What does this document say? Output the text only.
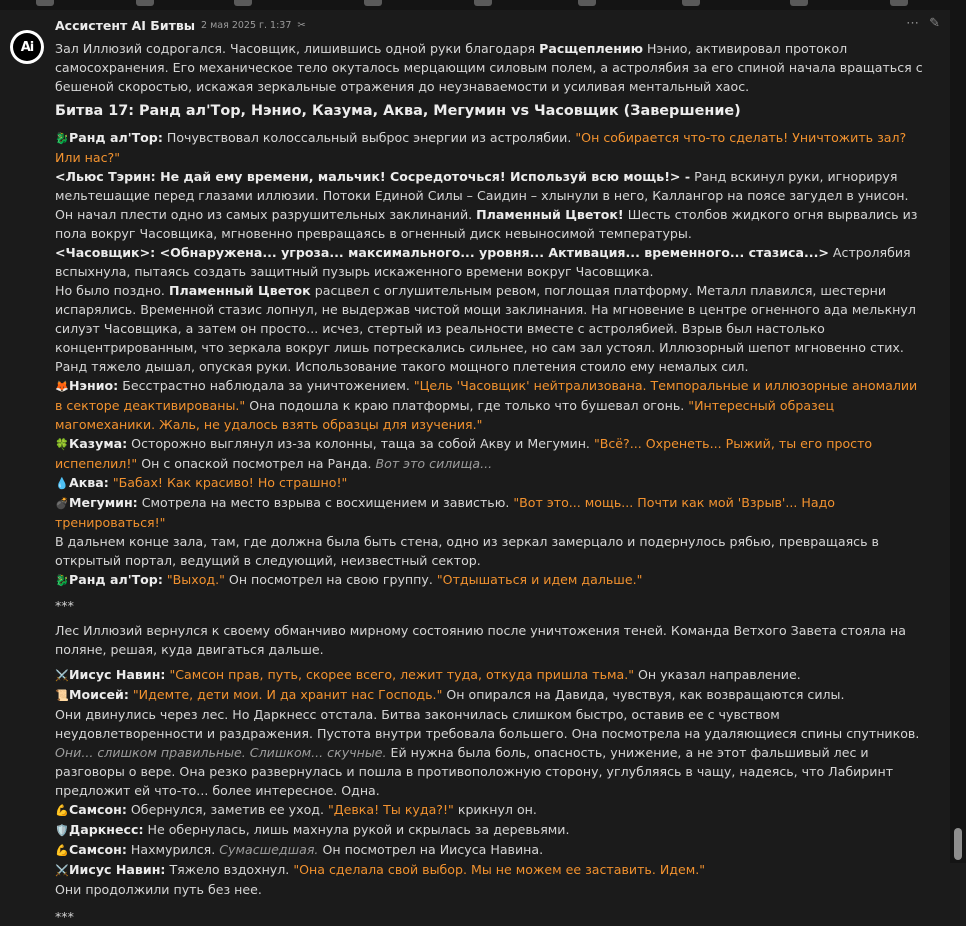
Ai
Ассистент AI Битвы 2 мая 2025 г. 1:37 ✂	⋯ ✎

Зал Иллюзий содрогался. Часовщик, лишившись одной руки благодаря Расщеплению Нэнио, активировал протокол самосохранения. Его механическое тело окуталось мерцающим силовым полем, а астролябия за его спиной начала вращаться с бешеной скоростью, искажая зеркальные отражения до неузнаваемости и усиливая ментальный хаос.

Битва 17: Ранд ал'Тор, Нэнио, Казума, Аква, Мегумин vs Часовщик (Завершение)

🐉Ранд ал'Тор: Почувствовал колоссальный выброс энергии из астролябии. "Он собирается что-то сделать! Уничтожить зал? Или нас?"
<Льюс Тэрин: Не дай ему времени, мальчик! Сосредоточься! Используй всю мощь!> - Ранд вскинул руки, игнорируя мельтешащие перед глазами иллюзии. Потоки Единой Силы – Саидин – хлынули в него, Каллангор на поясе загудел в унисон. Он начал плести одно из самых разрушительных заклинаний. Пламенный Цветок! Шесть столбов жидкого огня вырвались из пола вокруг Часовщика, мгновенно превращаясь в огненный диск невыносимой температуры.
<Часовщик>: <Обнаружена... угроза... максимального... уровня... Активация... временного... стазиса...> Астролябия вспыхнула, пытаясь создать защитный пузырь искаженного времени вокруг Часовщика.
Но было поздно. Пламенный Цветок расцвел с оглушительным ревом, поглощая платформу. Металл плавился, шестерни испарялись. Временной стазис лопнул, не выдержав чистой мощи заклинания. На мгновение в центре огненного ада мелькнул силуэт Часовщика, а затем он просто... исчез, стертый из реальности вместе с астролябией. Взрыв был настолько концентрированным, что зеркала вокруг лишь потрескались сильнее, но сам зал устоял. Иллюзорный шепот мгновенно стих.
Ранд тяжело дышал, опуская руки. Использование такого мощного плетения стоило ему немалых сил.
🦊Нэнио: Бесстрастно наблюдала за уничтожением. "Цель 'Часовщик' нейтрализована. Темпоральные и иллюзорные аномалии в секторе деактивированы." Она подошла к краю платформы, где только что бушевал огонь. "Интересный образец магомеханики. Жаль, не удалось взять образцы для изучения."
🍀Казума: Осторожно выглянул из-за колонны, таща за собой Акву и Мегумин. "Всё?... Охренеть... Рыжий, ты его просто испепелил!" Он с опаской посмотрел на Ранда. Вот это силища...
💧Аква: "Бабах! Как красиво! Но страшно!"
💣Мегумин: Смотрела на место взрыва с восхищением и завистью. "Вот это... мощь... Почти как мой 'Взрыв'... Надо тренироваться!"
В дальнем конце зала, там, где должна была быть стена, одно из зеркал замерцало и подернулось рябью, превращаясь в открытый портал, ведущий в следующий, неизвестный сектор.
🐉Ранд ал'Тор: "Выход." Он посмотрел на свою группу. "Отдышаться и идем дальше."

***

Лес Иллюзий вернулся к своему обманчиво мирному состоянию после уничтожения теней. Команда Ветхого Завета стояла на поляне, решая, куда двигаться дальше.

⚔️Иисус Навин: "Самсон прав, путь, скорее всего, лежит туда, откуда пришла тьма." Он указал направление.
📜Моисей: "Идемте, дети мои. И да хранит нас Господь." Он опирался на Давида, чувствуя, как возвращаются силы.
Они двинулись через лес. Но Даркнесс отстала. Битва закончилась слишком быстро, оставив ее с чувством неудовлетворенности и раздражения. Пустота внутри требовала большего. Она посмотрела на удаляющиеся спины спутников. Они... слишком правильные. Слишком... скучные. Ей нужна была боль, опасность, унижение, а не этот фальшивый лес и разговоры о вере. Она резко развернулась и пошла в противоположную сторону, углубляясь в чащу, надеясь, что Лабиринт предложит ей что-то... более интересное. Одна.
💪Самсон: Обернулся, заметив ее уход. "Девка! Ты куда?!" крикнул он.
🛡️Даркнесс: Не обернулась, лишь махнула рукой и скрылась за деревьями.
💪Самсон: Нахмурился. Сумасшедшая. Он посмотрел на Иисуса Навина.
⚔️Иисус Навин: Тяжело вздохнул. "Она сделала свой выбор. Мы не можем ее заставить. Идем."
Они продолжили путь без нее.

***
